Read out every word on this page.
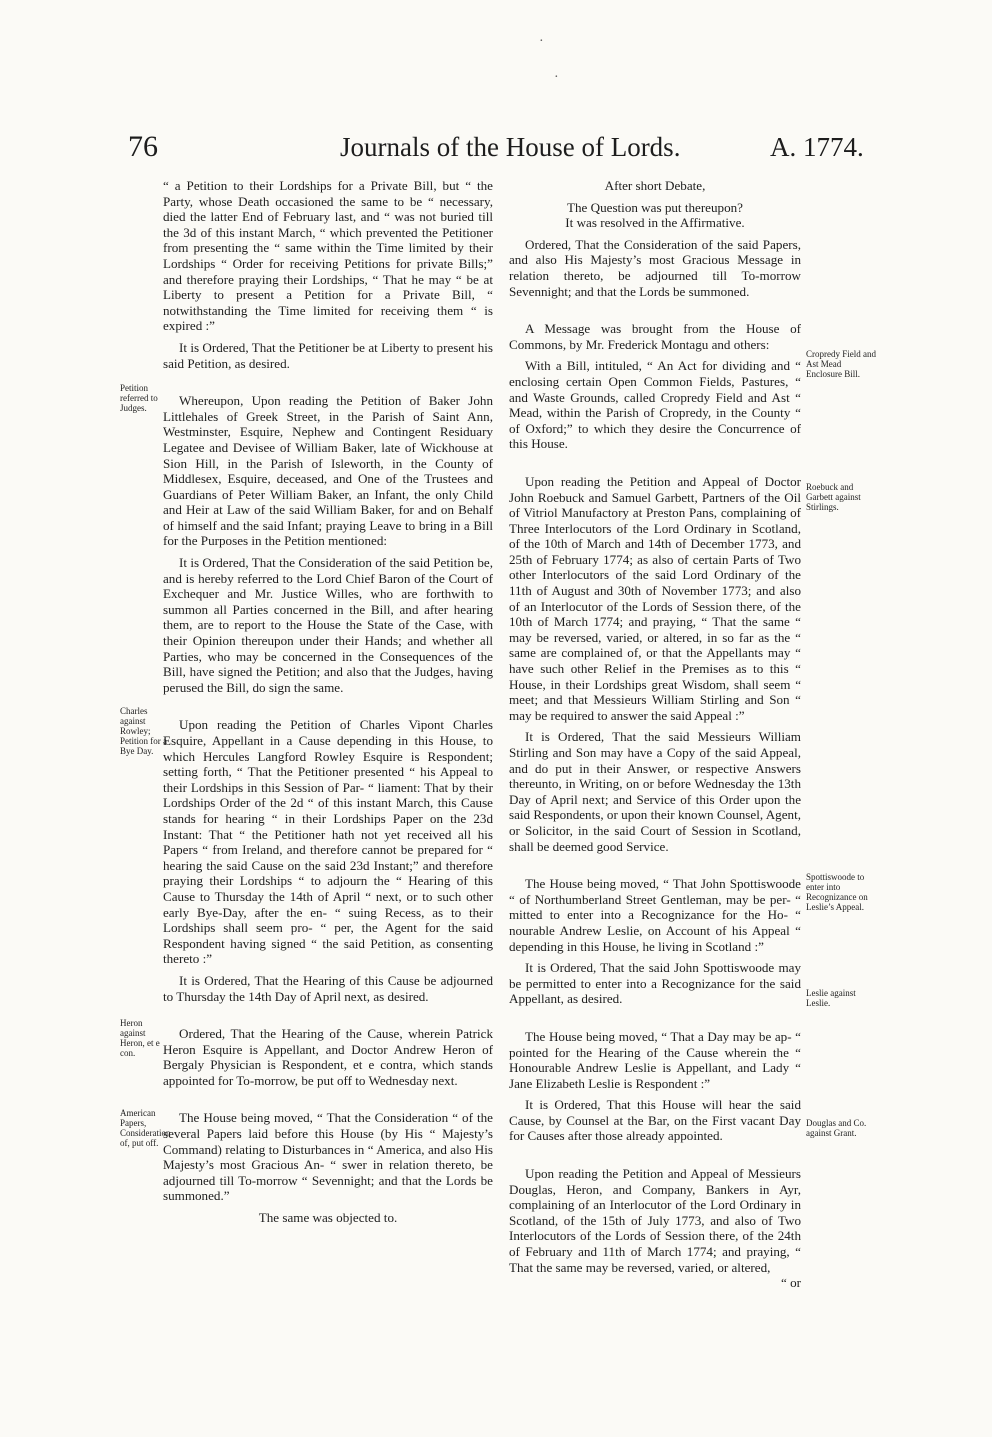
76	Journals of the House of Lords.	A. 1774.

“ a Petition to their Lordships for a Private Bill, but “ the Party, whose Death occasioned the same to be “ necessary, died the latter End of February last, and “ was not buried till the 3d of this instant March, “ which prevented the Petitioner from presenting the “ same within the Time limited by their Lordships “ Order for receiving Petitions for private Bills;” and therefore praying their Lordships, “ That he may “ be at Liberty to present a Petition for a Private Bill, “ notwithstanding the Time limited for receiving them “ is expired :”

It is Ordered, That the Petitioner be at Liberty to present his said Petition, as desired.

Whereupon, Upon reading the Petition of Baker John Littlehales of Greek Street, in the Parish of Saint Ann, Westminster, Esquire, Nephew and Contingent Residuary Legatee and Devisee of William Baker, late of Wickhouse at Sion Hill, in the Parish of Isleworth, in the County of Middlesex, Esquire, deceased, and One of the Trustees and Guardians of Peter William Baker, an Infant, the only Child and Heir at Law of the said William Baker, for and on Behalf of himself and the said Infant; praying Leave to bring in a Bill for the Purposes in the Petition mentioned:

It is Ordered, That the Consideration of the said Petition be, and is hereby referred to the Lord Chief Baron of the Court of Exchequer and Mr. Justice Willes, who are forthwith to summon all Parties concerned in the Bill, and after hearing them, are to report to the House the State of the Case, with their Opinion thereupon under their Hands; and whether all Parties, who may be concerned in the Consequences of the Bill, have signed the Petition; and also that the Judges, having perused the Bill, do sign the same.

Upon reading the Petition of Charles Vipont Charles Esquire, Appellant in a Cause depending in this House, to which Hercules Langford Rowley Esquire is Respondent; setting forth, “ That the Petitioner presented “ his Appeal to their Lordships in this Session of Par- “ liament: That by their Lordships Order of the 2d “ of this instant March, this Cause stands for hearing “ in their Lordships Paper on the 23d Instant: That “ the Petitioner hath not yet received all his Papers “ from Ireland, and therefore cannot be prepared for “ hearing the said Cause on the said 23d Instant;” and therefore praying their Lordships “ to adjourn the “ Hearing of this Cause to Thursday the 14th of April “ next, or to such other early Bye-Day, after the en- “ suing Recess, as to their Lordships shall seem pro- “ per, the Agent for the said Respondent having signed “ the said Petition, as consenting thereto :”

It is Ordered, That the Hearing of this Cause be adjourned to Thursday the 14th Day of April next, as desired.

Ordered, That the Hearing of the Cause, wherein Patrick Heron Esquire is Appellant, and Doctor Andrew Heron of Bergaly Physician is Respondent, et e contra, which stands appointed for To-morrow, be put off to Wednesday next.

The House being moved, “ That the Consideration “ of the several Papers laid before this House (by His “ Majesty’s Command) relating to Disturbances in “ America, and also His Majesty’s most Gracious An- “ swer in relation thereto, be adjourned till To-morrow “ Sevennight; and that the Lords be summoned.”

The same was objected to.

After short Debate,

The Question was put thereupon?

It was resolved in the Affirmative.

Ordered, That the Consideration of the said Papers, and also His Majesty’s most Gracious Message in relation thereto, be adjourned till To-morrow Sevennight; and that the Lords be summoned.

A Message was brought from the House of Commons, by Mr. Frederick Montagu and others:

With a Bill, intituled, “ An Act for dividing and “ enclosing certain Open Common Fields, Pastures, “ and Waste Grounds, called Cropredy Field and Ast “ Mead, within the Parish of Cropredy, in the County “ of Oxford;” to which they desire the Concurrence of this House.

Upon reading the Petition and Appeal of Doctor John Roebuck and Samuel Garbett, Partners of the Oil of Vitriol Manufactory at Preston Pans, complaining of Three Interlocutors of the Lord Ordinary in Scotland, of the 10th of March and 14th of December 1773, and 25th of February 1774; as also of certain Parts of Two other Interlocutors of the said Lord Ordinary of the 11th of August and 30th of November 1773; and also of an Interlocutor of the Lords of Session there, of the 10th of March 1774; and praying, “ That the same “ may be reversed, varied, or altered, in so far as the “ same are complained of, or that the Appellants may “ have such other Relief in the Premises as to this “ House, in their Lordships great Wisdom, shall seem “ meet; and that Messieurs William Stirling and Son “ may be required to answer the said Appeal :”

It is Ordered, That the said Messieurs William Stirling and Son may have a Copy of the said Appeal, and do put in their Answer, or respective Answers thereunto, in Writing, on or before Wednesday the 13th Day of April next; and Service of this Order upon the said Respondents, or upon their known Counsel, Agent, or Solicitor, in the said Court of Session in Scotland, shall be deemed good Service.

The House being moved, “ That John Spottiswoode “ of Northumberland Street Gentleman, may be per- “ mitted to enter into a Recognizance for the Ho- “ nourable Andrew Leslie, on Account of his Appeal “ depending in this House, he living in Scotland :”

It is Ordered, That the said John Spottiswoode may be permitted to enter into a Recognizance for the said Appellant, as desired.

The House being moved, “ That a Day may be ap- “ pointed for the Hearing of the Cause wherein the “ Honourable Andrew Leslie is Appellant, and Lady “ Jane Elizabeth Leslie is Respondent :”

It is Ordered, That this House will hear the said Cause, by Counsel at the Bar, on the First vacant Day for Causes after those already appointed.

Upon reading the Petition and Appeal of Messieurs Douglas, Heron, and Company, Bankers in Ayr, complaining of an Interlocutor of the Lord Ordinary in Scotland, of the 15th of July 1773, and also of Two Interlocutors of the Lords of Session there, of the 24th of February and 11th of March 1774; and praying, “ That the same may be reversed, varied, or altered,

“ or

Petition referred to Judges.
Charles against Rowley; Petition for a Bye Day.
Heron against Heron, et e con.
American Papers, Consideration of, put off.
Cropredy Field and Ast Mead Enclosure Bill.
Roebuck and Garbett against Stirlings.
Spottiswoode to enter into Recognizance on Leslie’s Appeal.
Leslie against Leslie.
Douglas and Co. against Grant.
·
·
